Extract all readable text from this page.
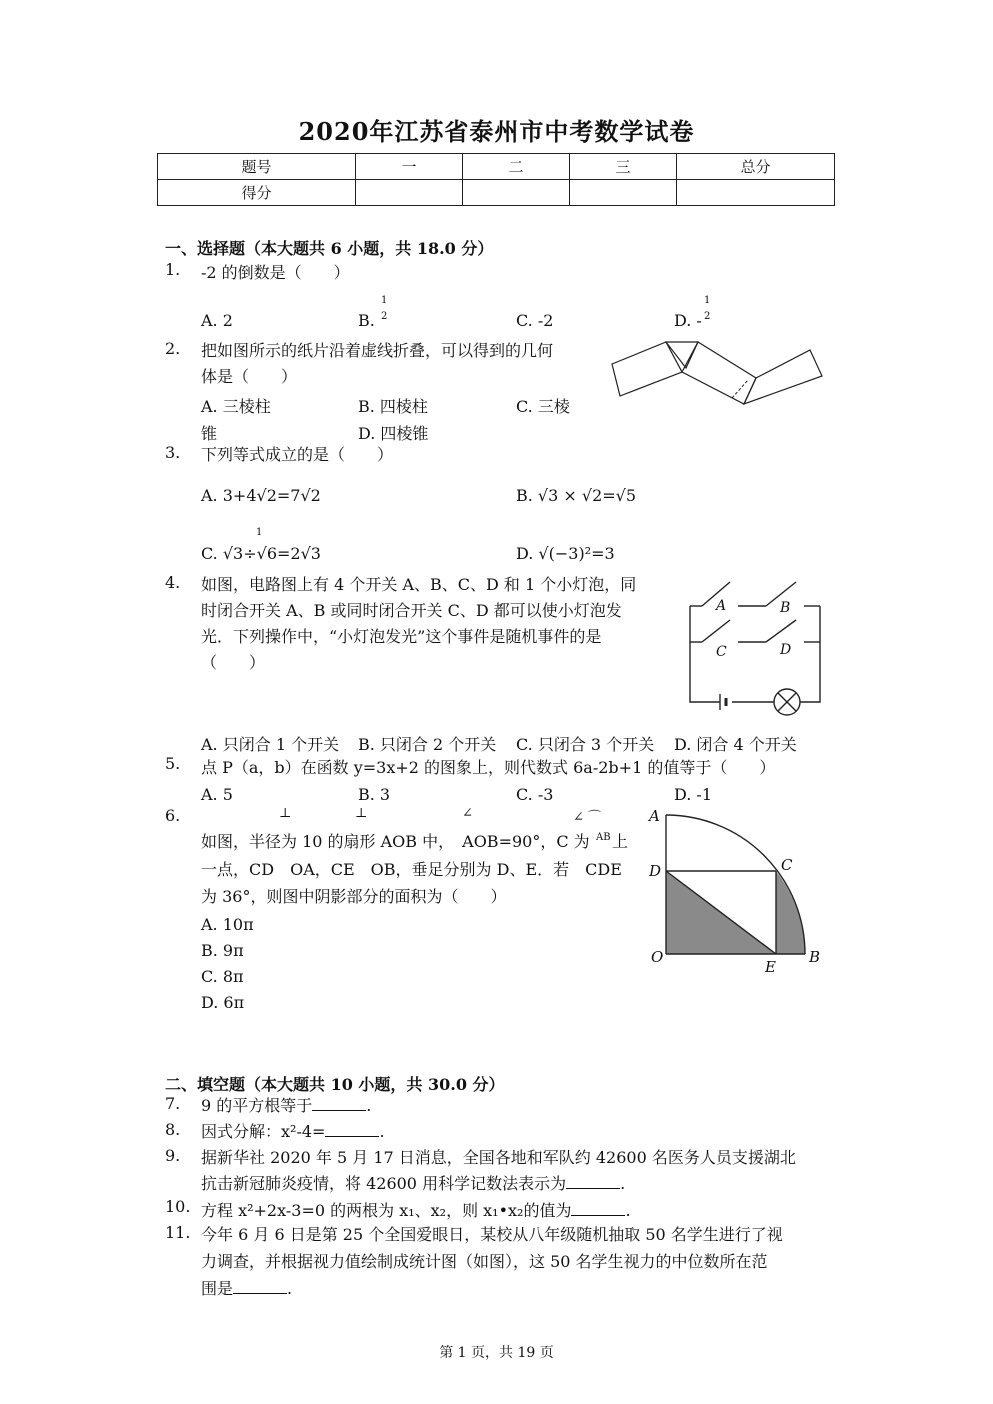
2020年江苏省泰州市中考数学试卷
题号	一	二	三	总分
得分				
一、选择题（本大题共 6 小题，共 18.0 分）
1. -2 的倒数是（　　）
A. 2	B.
1
2	C. -2	D. -
1
2
2. 把如图所示的纸片沿着虚线折叠，可以得到的几何
体是（　　）
A. 三棱柱	B. 四棱柱	C. 三棱
锥	D. 四棱锥
3. 下列等式成立的是（　　）
A. 3+4√2=7√2	B. √3 × √2=√5
1
C. √3÷√6=2√3	D. √(−3)²=3
4. 如图，电路图上有 4 个开关 A、B、C、D 和 1 个小灯泡，同
时闭合开关 A、B 或同时闭合开关 C、D 都可以使小灯泡发
光．下列操作中，“小灯泡发光”这个事件是随机事件的是
（　　）
A	B
C	D
A. 只闭合 1 个开关 B. 只闭合 2 个开关 C. 只闭合 3 个开关 D. 闭合 4 个开关
5. 点 P（a，b）在函数 y=3x+2 的图象上，则代数式 6a-2b+1 的值等于（　　）
A. 5	B. 3	C. -3	D. -1
6.	⊥	⊥	∠	∠ ⌒
如图，半径为 10 的扇形 AOB 中，　AOB=90°，C 为 AB 上
一点，CD　OA，CE　OB，垂足分别为 D、E．若　CDE
为 36°，则图中阴影部分的面积为（　　）
A. 10π
B. 9π
C. 8π
D. 6π
A
D	C
O
E
B
二、填空题（本大题共 10 小题，共 30.0 分）
7. 9 的平方根等于	.
8. 因式分解：x²-4=	.
9. 据新华社 2020 年 5 月 17 日消息，全国各地和军队约 42600 名医务人员支援湖北
抗击新冠肺炎疫情，将 42600 用科学记数法表示为	.
10. 方程 x²+2x-3=0 的两根为 x₁、x₂，则 x₁•x₂的值为	.
11. 今年 6 月 6 日是第 25 个全国爱眼日，某校从八年级随机抽取 50 名学生进行了视
力调查，并根据视力值绘制成统计图（如图），这 50 名学生视力的中位数所在范
围是	.
第 1 页，共 19 页
